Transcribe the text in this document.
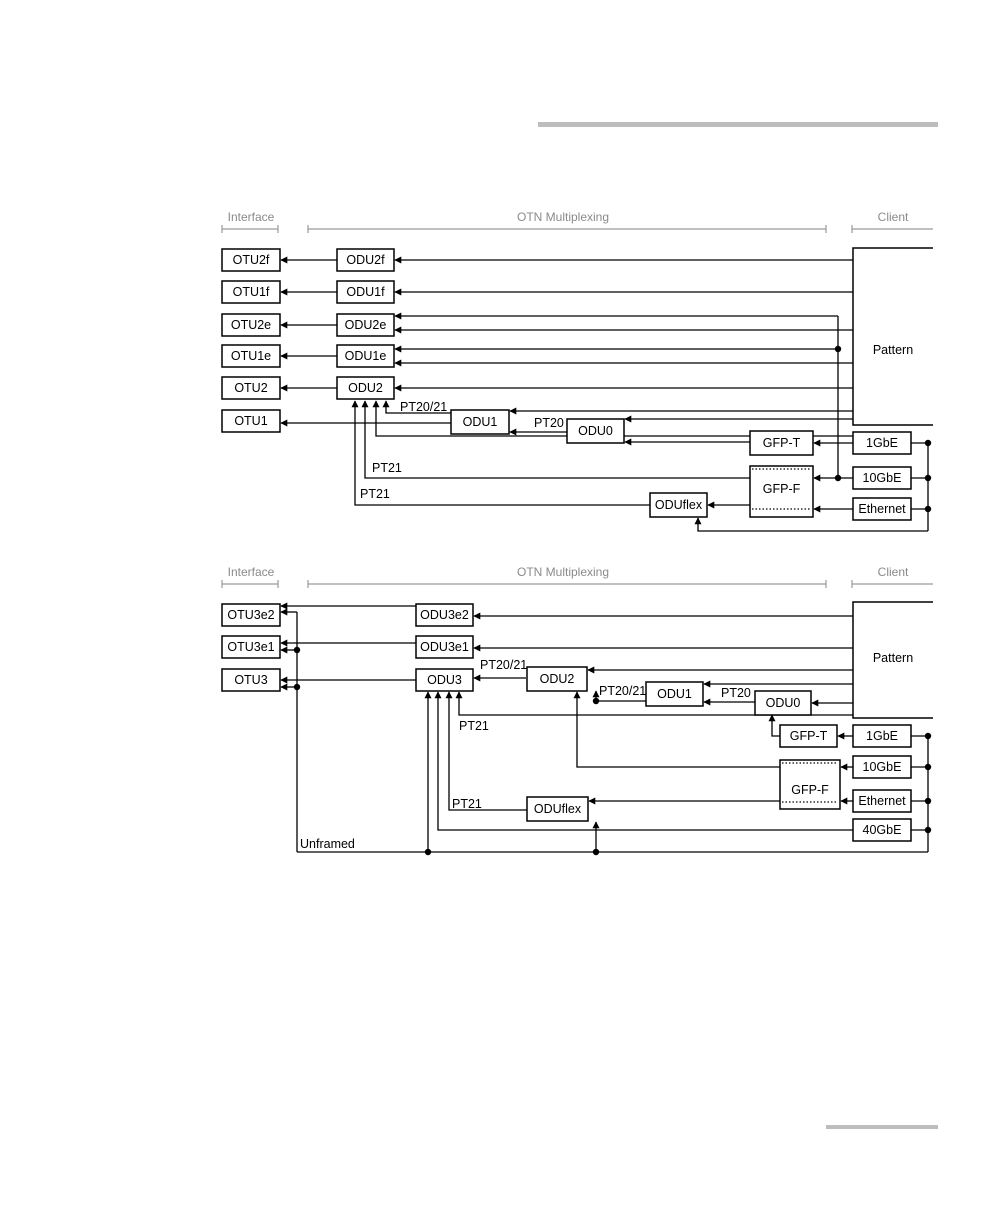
Interface	OTN Multiplexing	Client
OTU2f
OTU1f
OTU2e
OTU1e
OTU2
OTU1
ODU2f
ODU1f
ODU2e
ODU1e
ODU2
ODU1
ODU0
ODUflex
GFP-T
GFP-F
Pattern
1GbE
10GbE
Ethernet
PT20/21
PT20
PT21
PT21
Interface	OTN Multiplexing	Client
OTU3e2
OTU3e1
OTU3
ODU3e2
ODU3e1
ODU3	ODU2
ODU1
ODU0
ODUflex
GFP-T
GFP-F
Pattern
1GbE
10GbE
Ethernet
40GbE
PT20/21
PT20/21	PT20
PT21
PT21
Unframed
